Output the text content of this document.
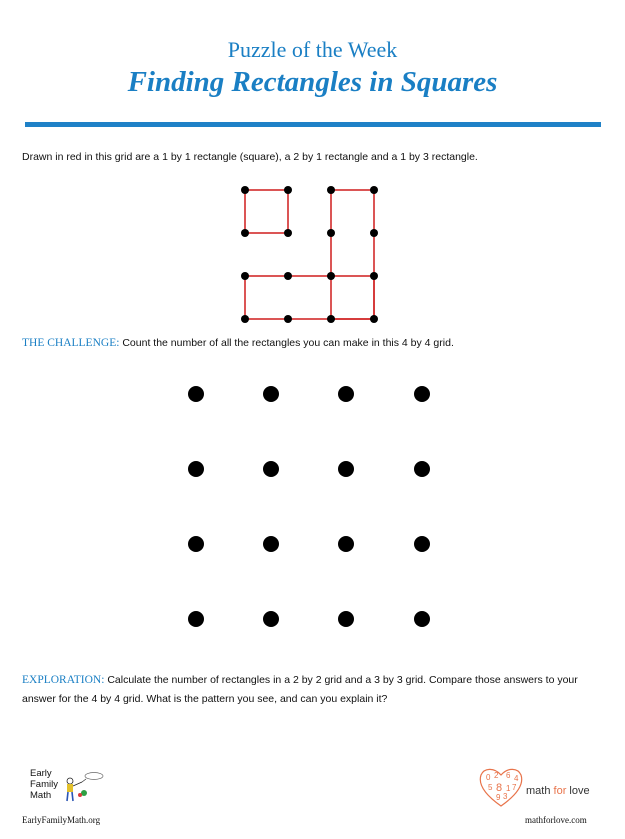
Puzzle of the Week
Finding Rectangles in Squares
Drawn in red in this grid are a 1 by 1 rectangle (square), a 2 by 1 rectangle and a 1 by 3 rectangle.
THE CHALLENGE: Count the number of all the rectangles you can make in this 4 by 4 grid.
EXPLORATION: Calculate the number of rectangles in a 2 by 2 grid and a 3 by 3 grid. Compare those answers to your answer for the 4 by 4 grid. What is the pattern you see, and can you explain it?
Early
Family
Math
EarlyFamilyMath.org
0 2 6 4
5 8 1 7
9 3 math for love
mathforlove.com
